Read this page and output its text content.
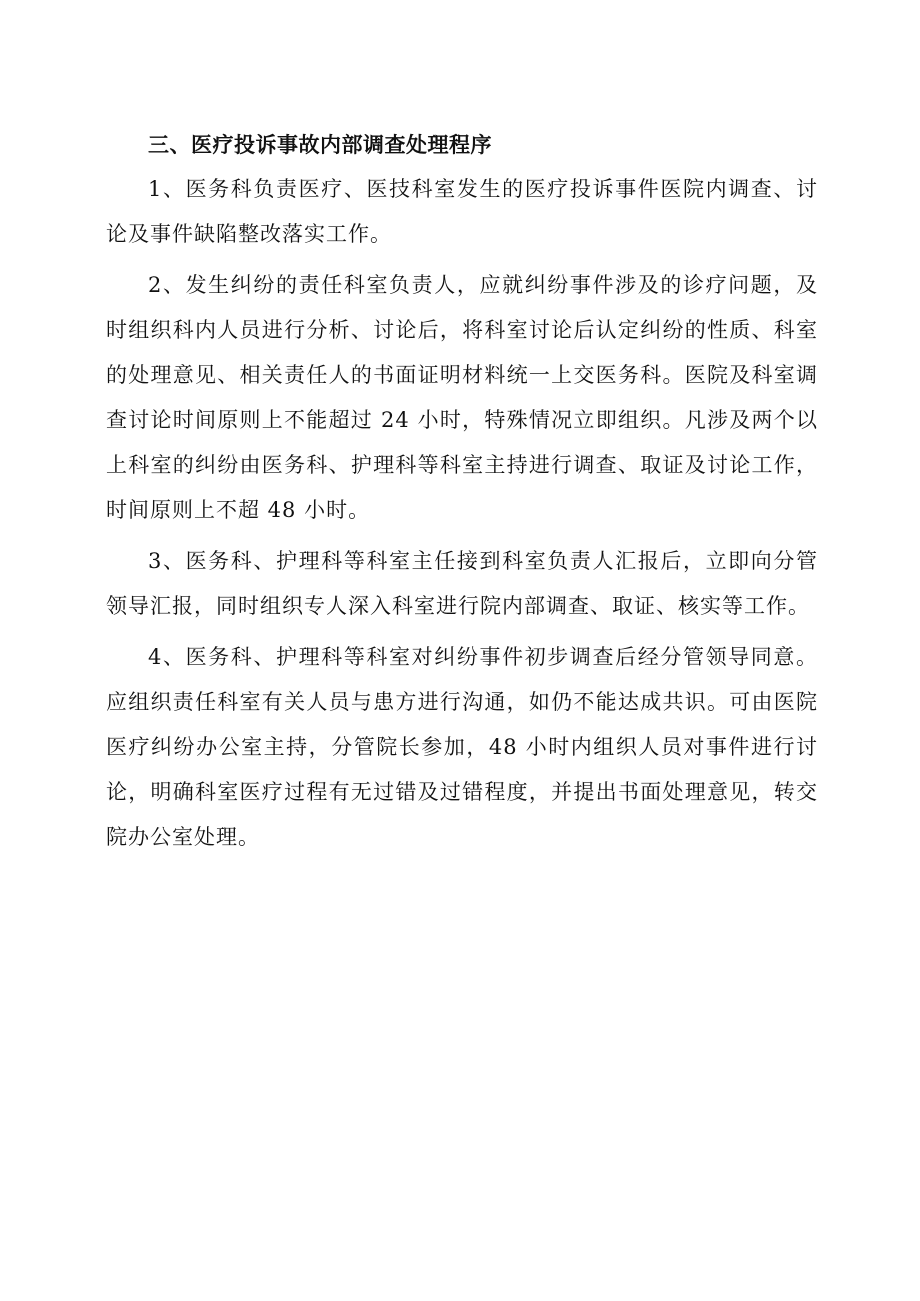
三、医疗投诉事故内部调查处理程序

1、医务科负责医疗、医技科室发生的医疗投诉事件医院内调查、讨论及事件缺陷整改落实工作。

2、发生纠纷的责任科室负责人，应就纠纷事件涉及的诊疗问题，及时组织科内人员进行分析、讨论后，将科室讨论后认定纠纷的性质、科室的处理意见、相关责任人的书面证明材料统一上交医务科。医院及科室调查讨论时间原则上不能超过 24 小时，特殊情况立即组织。凡涉及两个以上科室的纠纷由医务科、护理科等科室主持进行调查、取证及讨论工作，时间原则上不超 48 小时。

3、医务科、护理科等科室主任接到科室负责人汇报后，立即向分管领导汇报，同时组织专人深入科室进行院内部调查、取证、核实等工作。

4、医务科、护理科等科室对纠纷事件初步调查后经分管领导同意。应组织责任科室有关人员与患方进行沟通，如仍不能达成共识。可由医院医疗纠纷办公室主持，分管院长参加，48 小时内组织人员对事件进行讨论，明确科室医疗过程有无过错及过错程度，并提出书面处理意见，转交院办公室处理。
